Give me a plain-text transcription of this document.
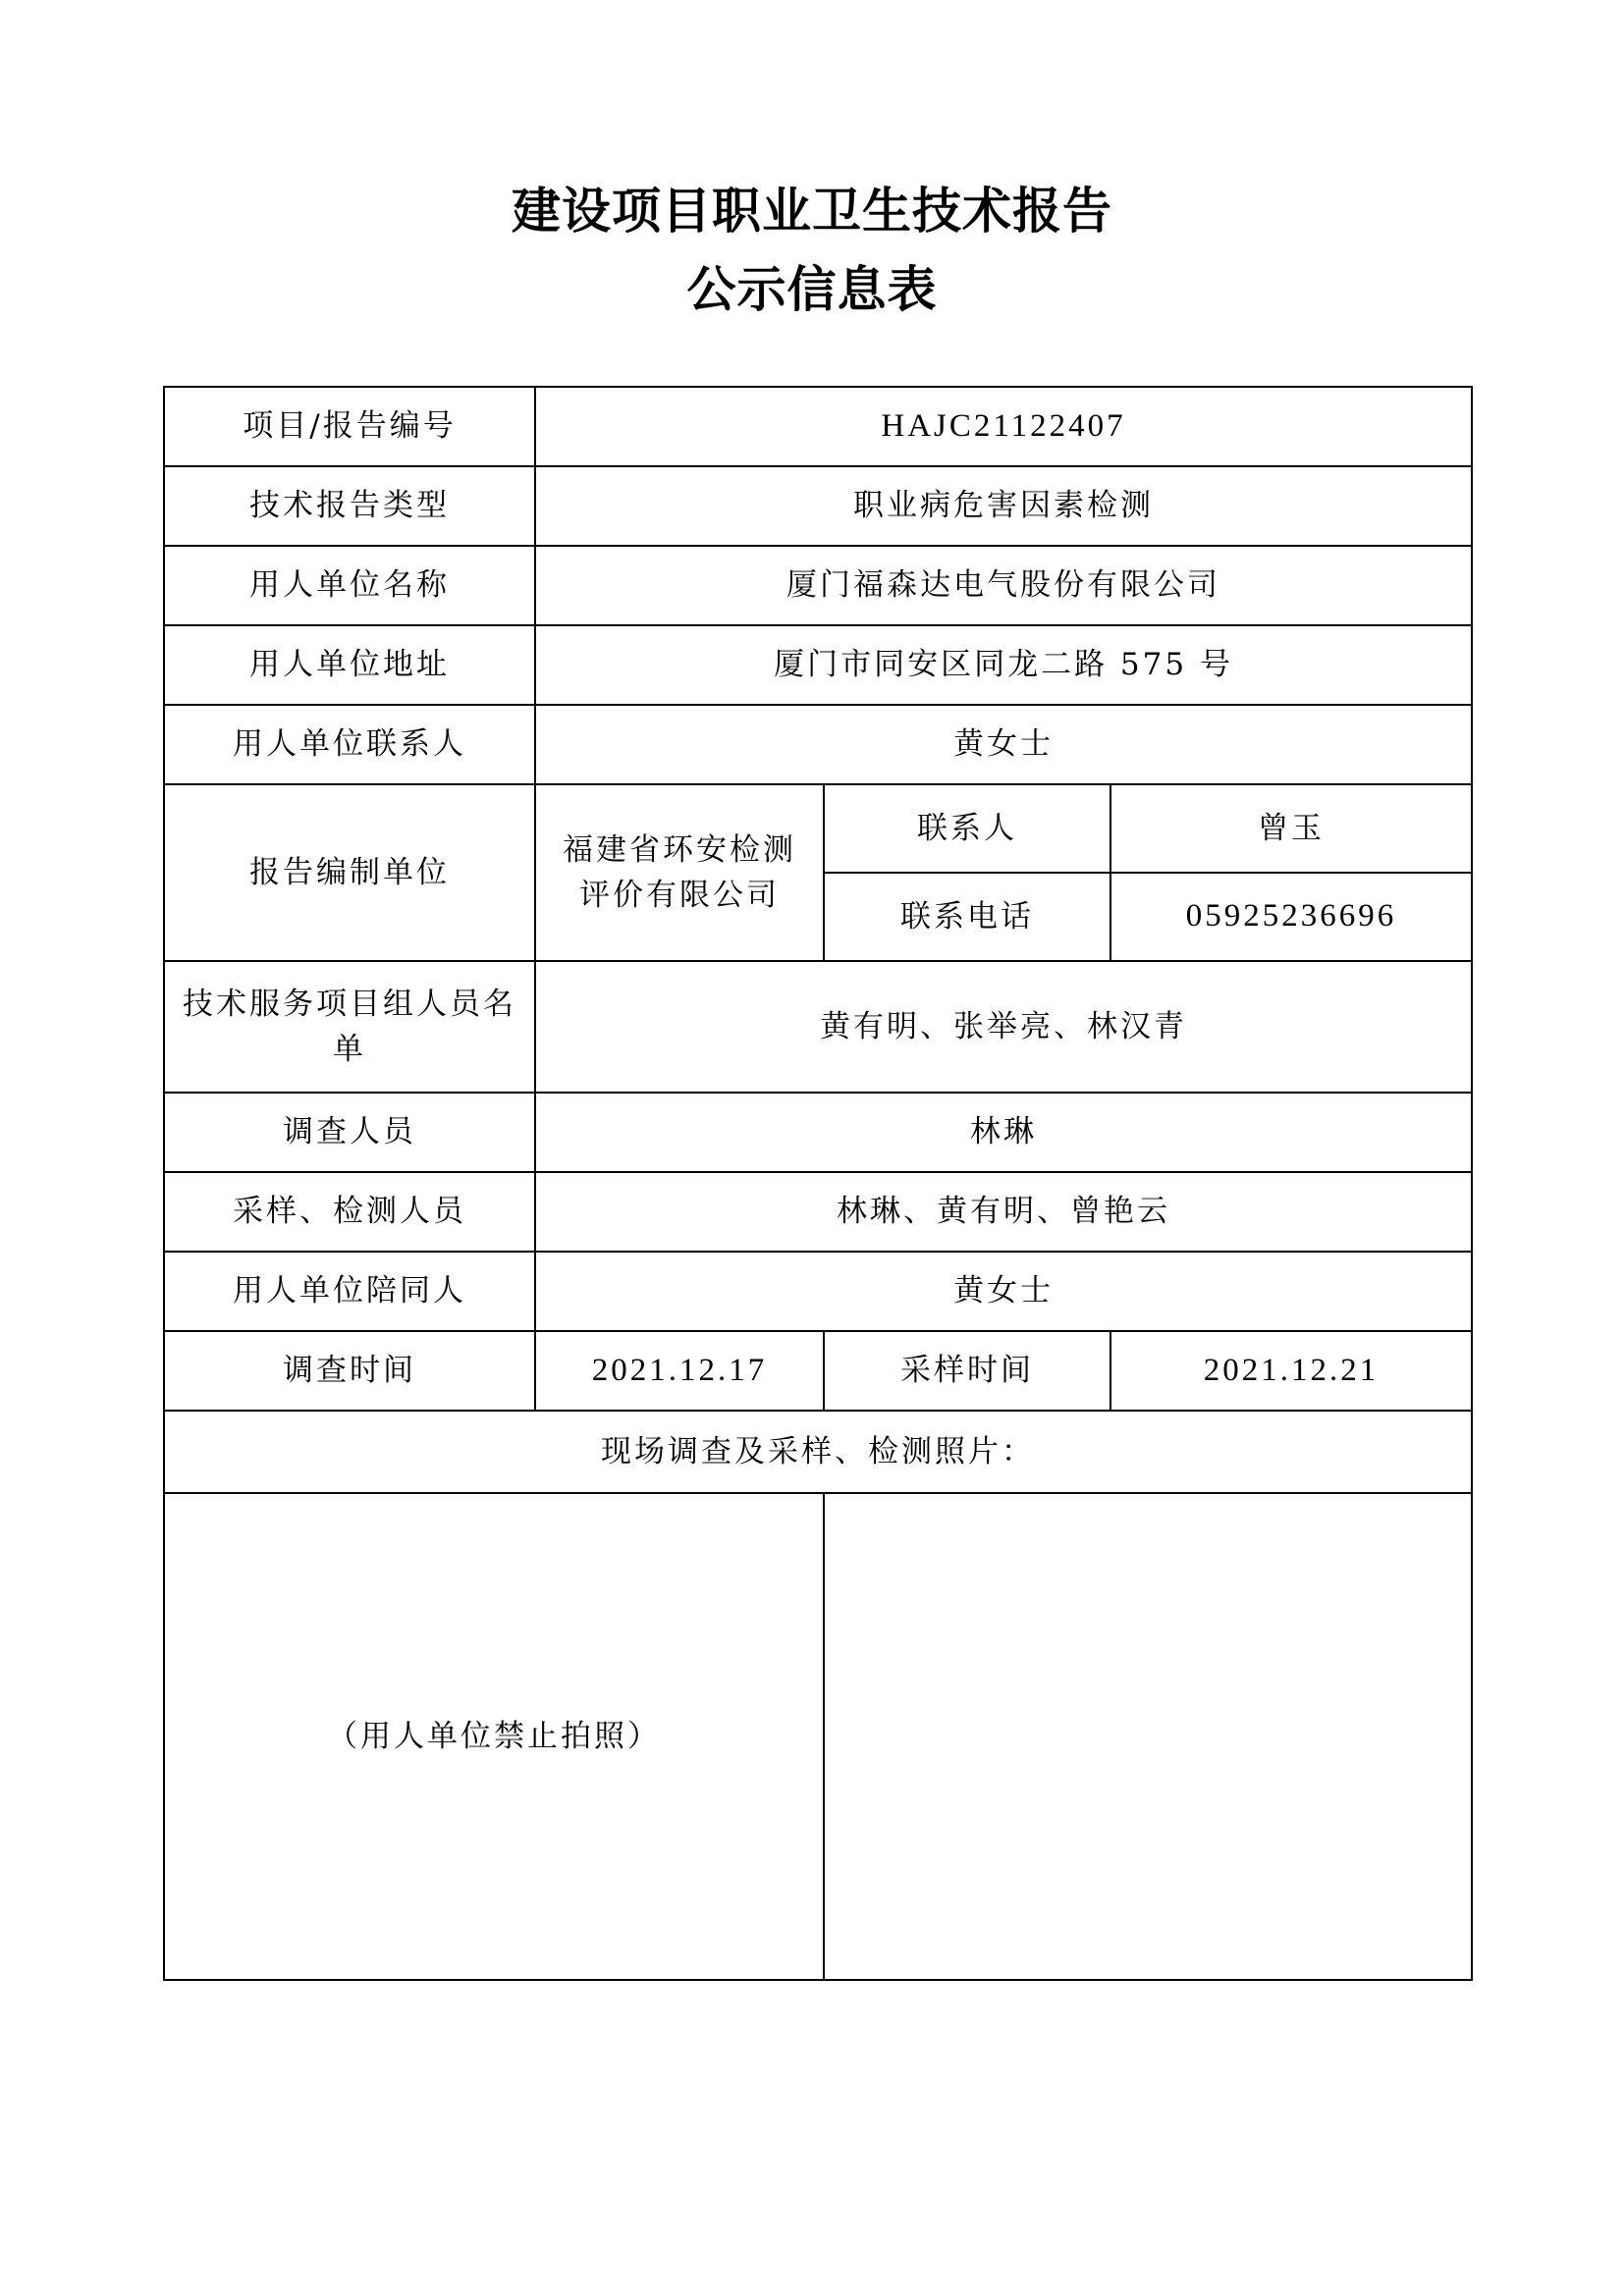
建设项目职业卫生技术报告
公示信息表
项目/报告编号	HAJC21122407		
技术报告类型	职业病危害因素检测		
用人单位名称	厦门福森达电气股份有限公司		
用人单位地址	厦门市同安区同龙二路 575 号		
用人单位联系人	黄女士		
报告编制单位	福建省环安检测评价有限公司	联系人	曾玉
		联系电话	05925236696
技术服务项目组人员名单	黄有明、张举亮、林汉青		
调查人员	林琳		
采样、检测人员	林琳、黄有明、曾艳云		
用人单位陪同人	黄女士		
调查时间	2021.12.17	采样时间	2021.12.21
现场调查及采样、检测照片：			
（用人单位禁止拍照）			
